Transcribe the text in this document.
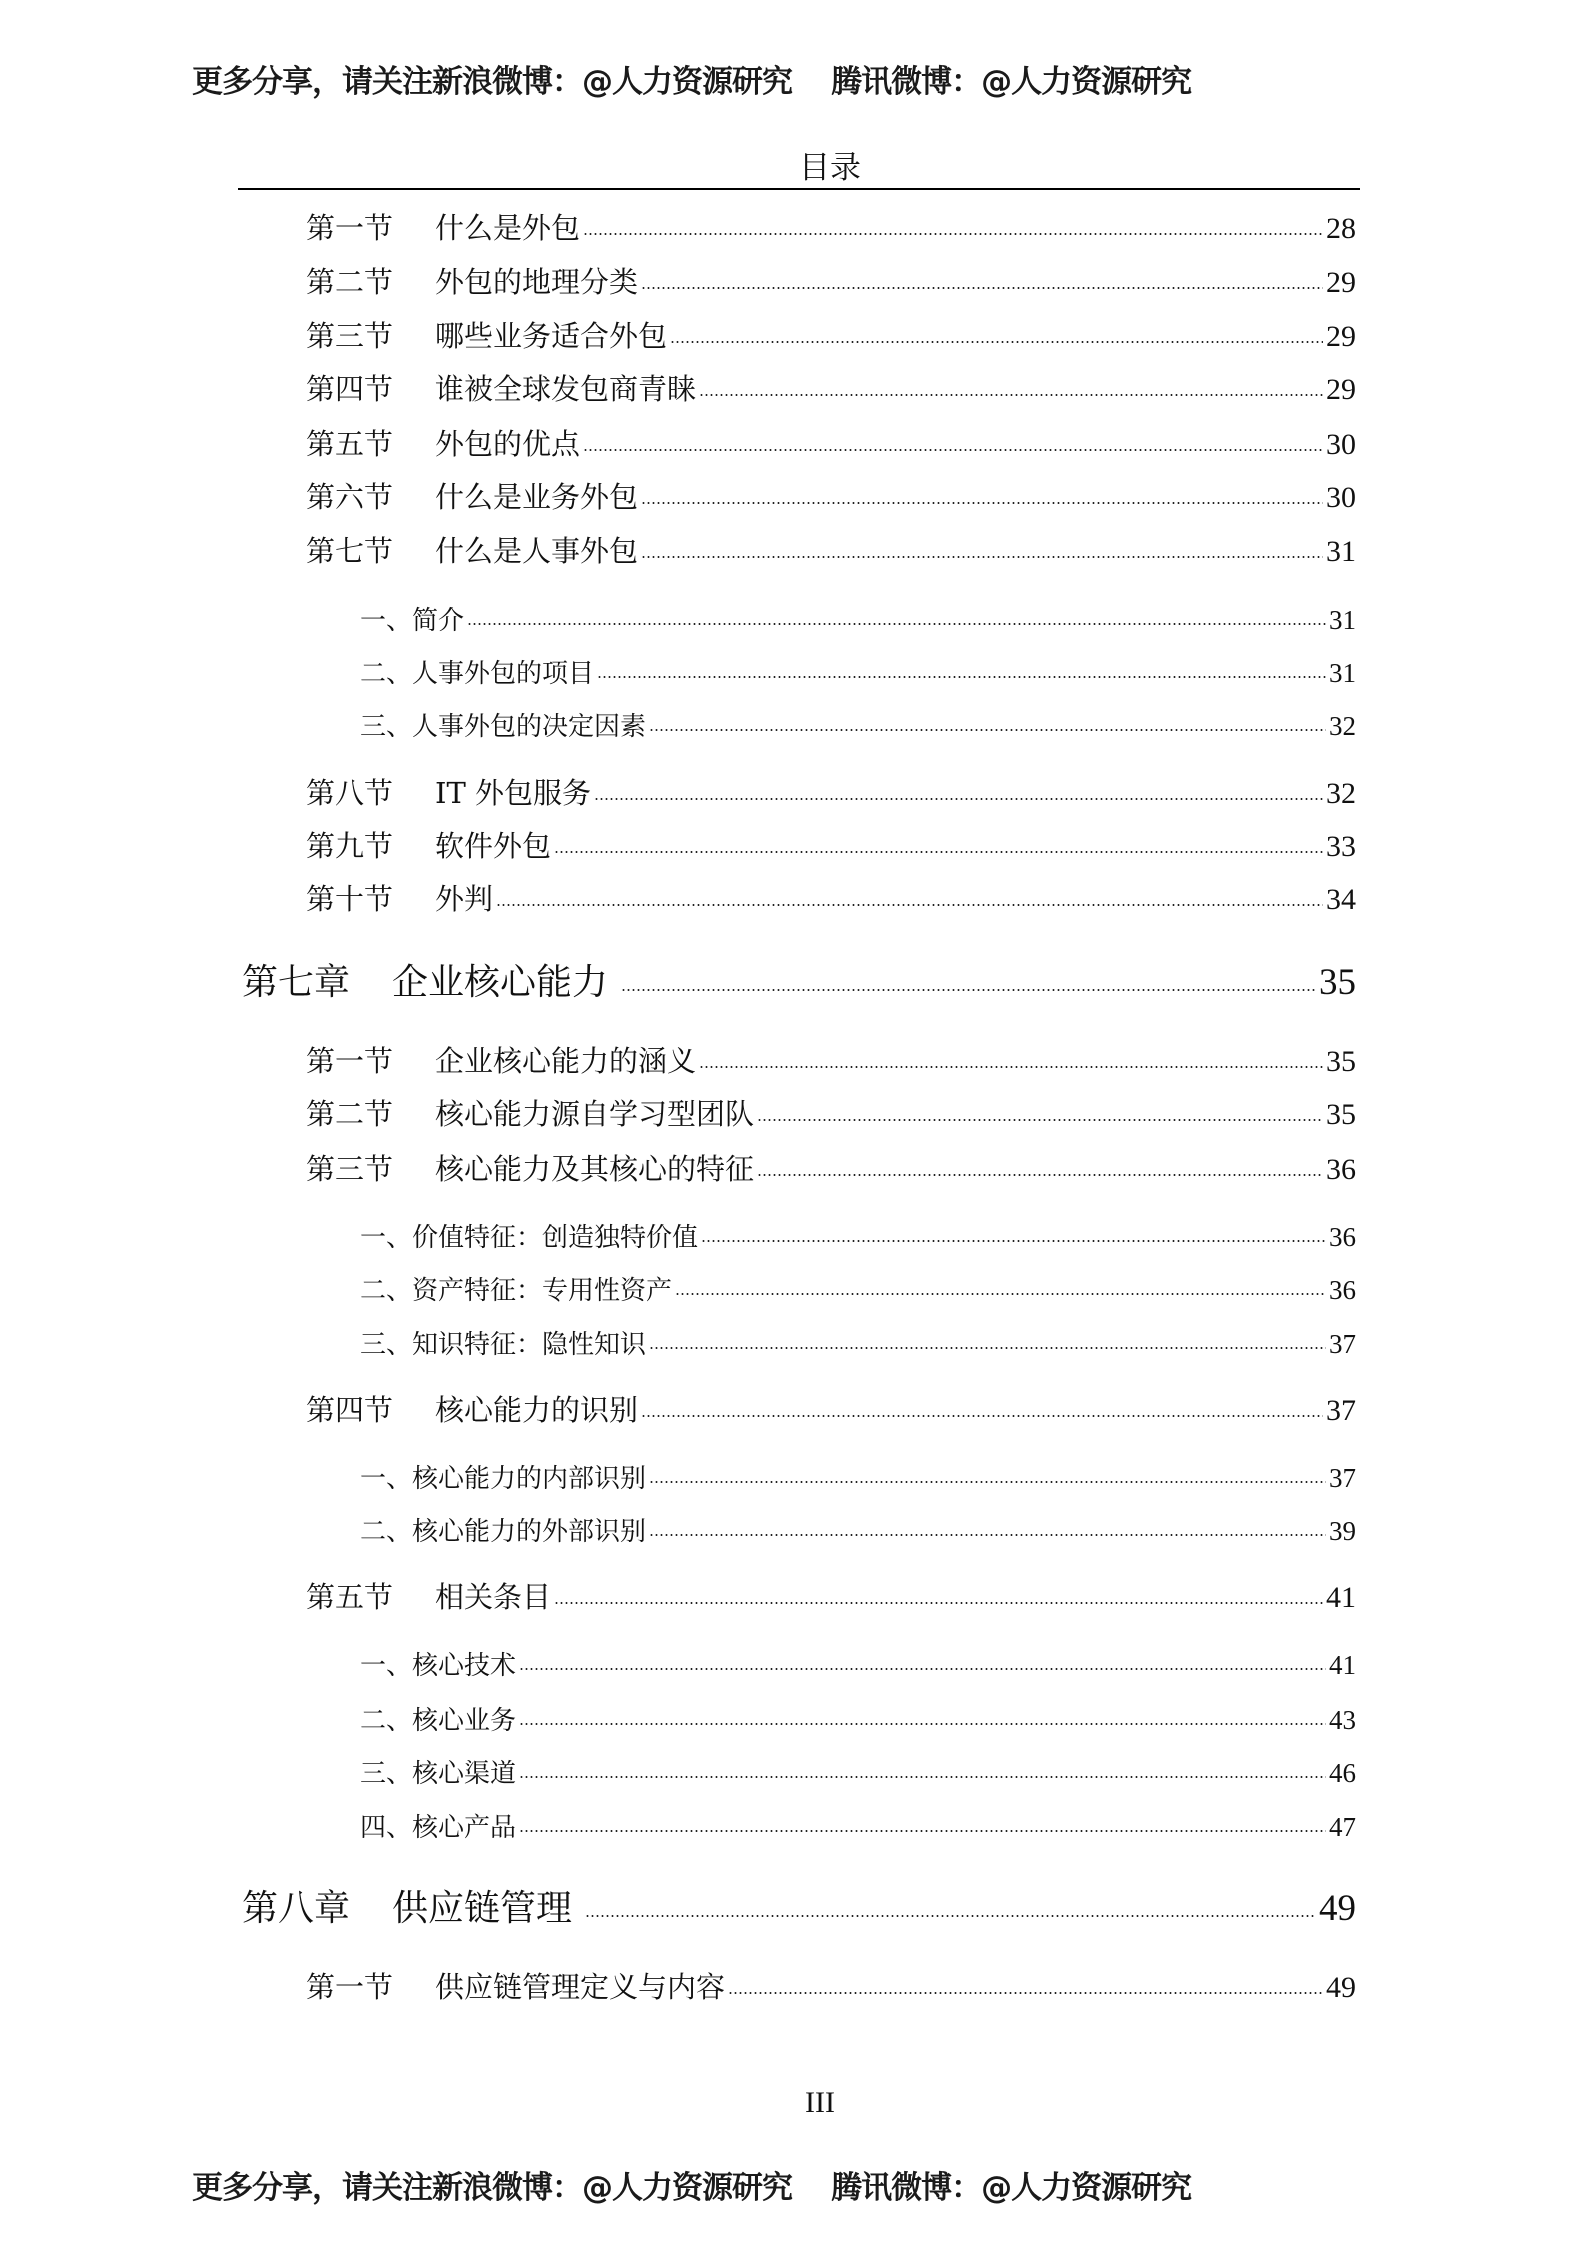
更多分享，请关注新浪微博：@人力资源研究    腾讯微博：@人力资源研究
目录
第一节	什么是外包	28
第二节	外包的地理分类	29
第三节	哪些业务适合外包	29
第四节	谁被全球发包商青睐	29
第五节	外包的优点	30
第六节	什么是业务外包	30
第七节	什么是人事外包	31
一、简介	31
二、人事外包的项目	31
三、人事外包的决定因素	32
第八节	IT 外包服务	32
第九节	软件外包	33
第十节	外判	34
第七章	企业核心能力	35
第一节	企业核心能力的涵义	35
第二节	核心能力源自学习型团队	35
第三节	核心能力及其核心的特征	36
一、价值特征：创造独特价值	36
二、资产特征：专用性资产	36
三、知识特征：隐性知识	37
第四节	核心能力的识别	37
一、核心能力的内部识别	37
二、核心能力的外部识别	39
第五节	相关条目	41
一、核心技术	41
二、核心业务	43
三、核心渠道	46
四、核心产品	47
第八章	供应链管理	49
第一节	供应链管理定义与内容	49
III
更多分享，请关注新浪微博：@人力资源研究    腾讯微博：@人力资源研究
